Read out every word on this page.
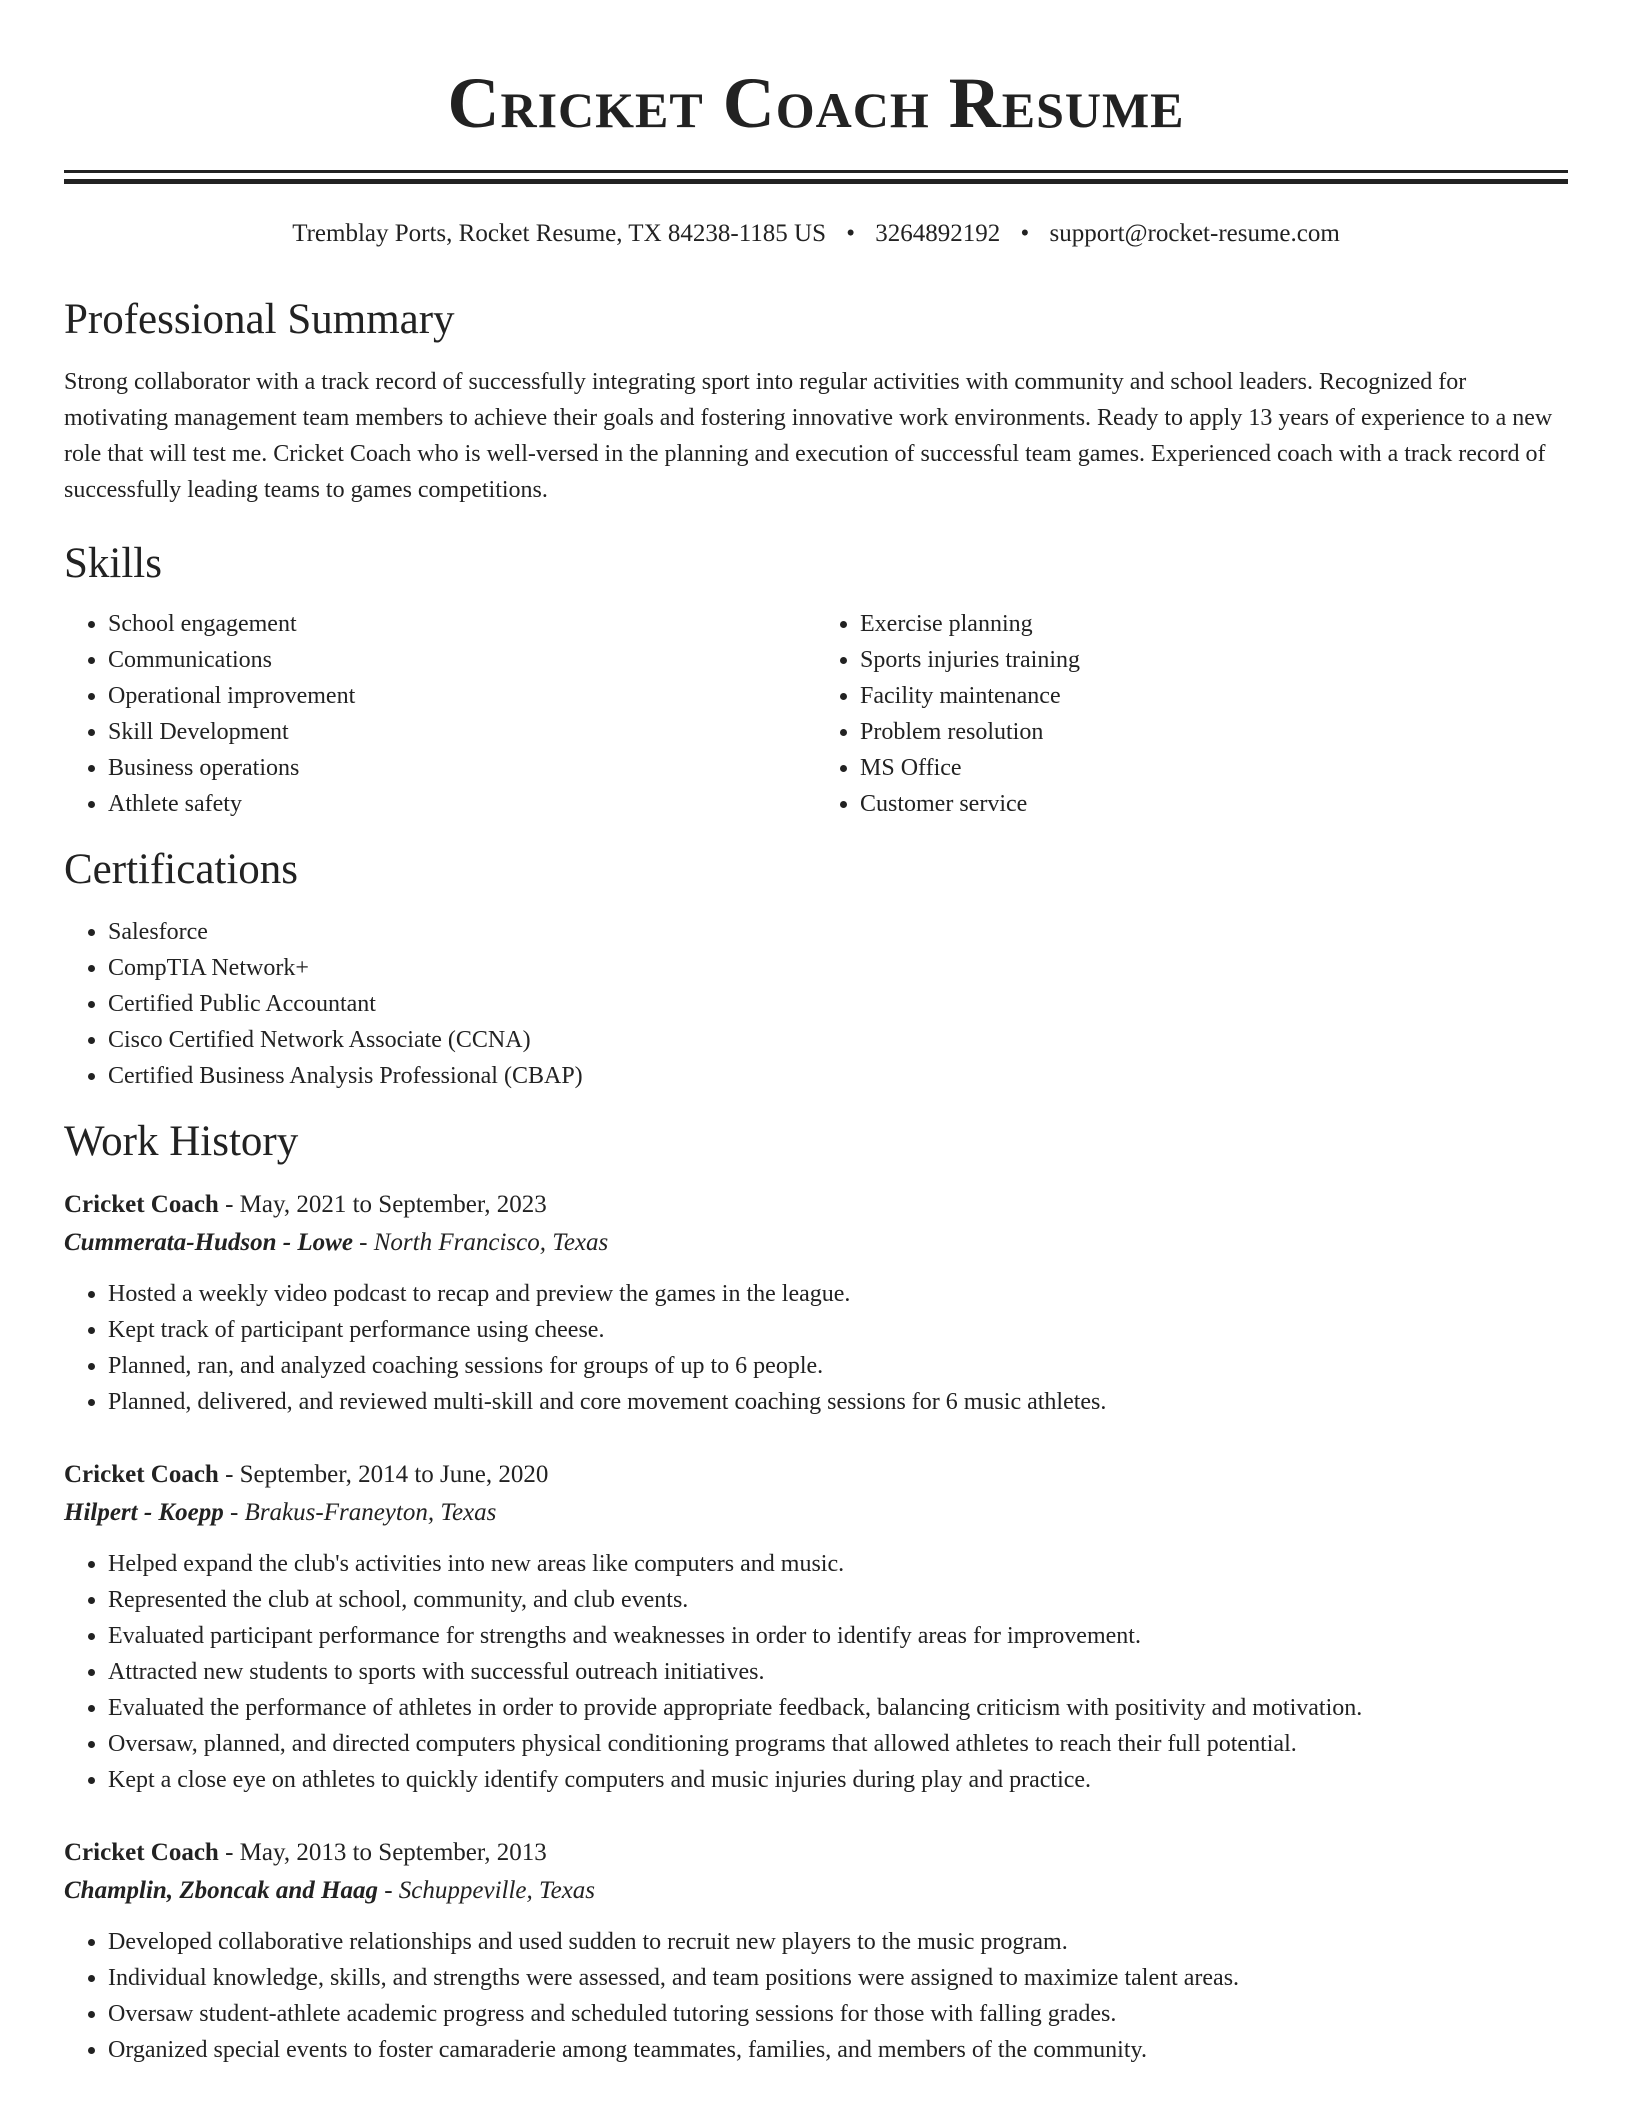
Cricket Coach Resume
Tremblay Ports, Rocket Resume, TX 84238-1185 US • 3264892192 • support@rocket-resume.com
Professional Summary

Strong collaborator with a track record of successfully integrating sport into regular activities with community and school leaders. Recognized for motivating management team members to achieve their goals and fostering innovative work environments. Ready to apply 13 years of experience to a new role that will test me. Cricket Coach who is well-versed in the planning and execution of successful team games. Experienced coach with a track record of successfully leading teams to games competitions.

Skills
• School engagement
• Communications
• Operational improvement
• Skill Development
• Business operations
• Athlete safety
• Exercise planning
• Sports injuries training
• Facility maintenance
• Problem resolution
• MS Office
• Customer service
Certifications
• Salesforce
• CompTIA Network+
• Certified Public Accountant
• Cisco Certified Network Associate (CCNA)
• Certified Business Analysis Professional (CBAP)
Work History
Cricket Coach - May, 2021 to September, 2023
Cummerata-Hudson - Lowe - North Francisco, Texas
• Hosted a weekly video podcast to recap and preview the games in the league.
• Kept track of participant performance using cheese.
• Planned, ran, and analyzed coaching sessions for groups of up to 6 people.
• Planned, delivered, and reviewed multi-skill and core movement coaching sessions for 6 music athletes.
Cricket Coach - September, 2014 to June, 2020
Hilpert - Koepp - Brakus-Franeyton, Texas
• Helped expand the club's activities into new areas like computers and music.
• Represented the club at school, community, and club events.
• Evaluated participant performance for strengths and weaknesses in order to identify areas for improvement.
• Attracted new students to sports with successful outreach initiatives.
• Evaluated the performance of athletes in order to provide appropriate feedback, balancing criticism with positivity and motivation.
• Oversaw, planned, and directed computers physical conditioning programs that allowed athletes to reach their full potential.
• Kept a close eye on athletes to quickly identify computers and music injuries during play and practice.
Cricket Coach - May, 2013 to September, 2013
Champlin, Zboncak and Haag - Schuppeville, Texas
• Developed collaborative relationships and used sudden to recruit new players to the music program.
• Individual knowledge, skills, and strengths were assessed, and team positions were assigned to maximize talent areas.
• Oversaw student-athlete academic progress and scheduled tutoring sessions for those with falling grades.
• Organized special events to foster camaraderie among teammates, families, and members of the community.
